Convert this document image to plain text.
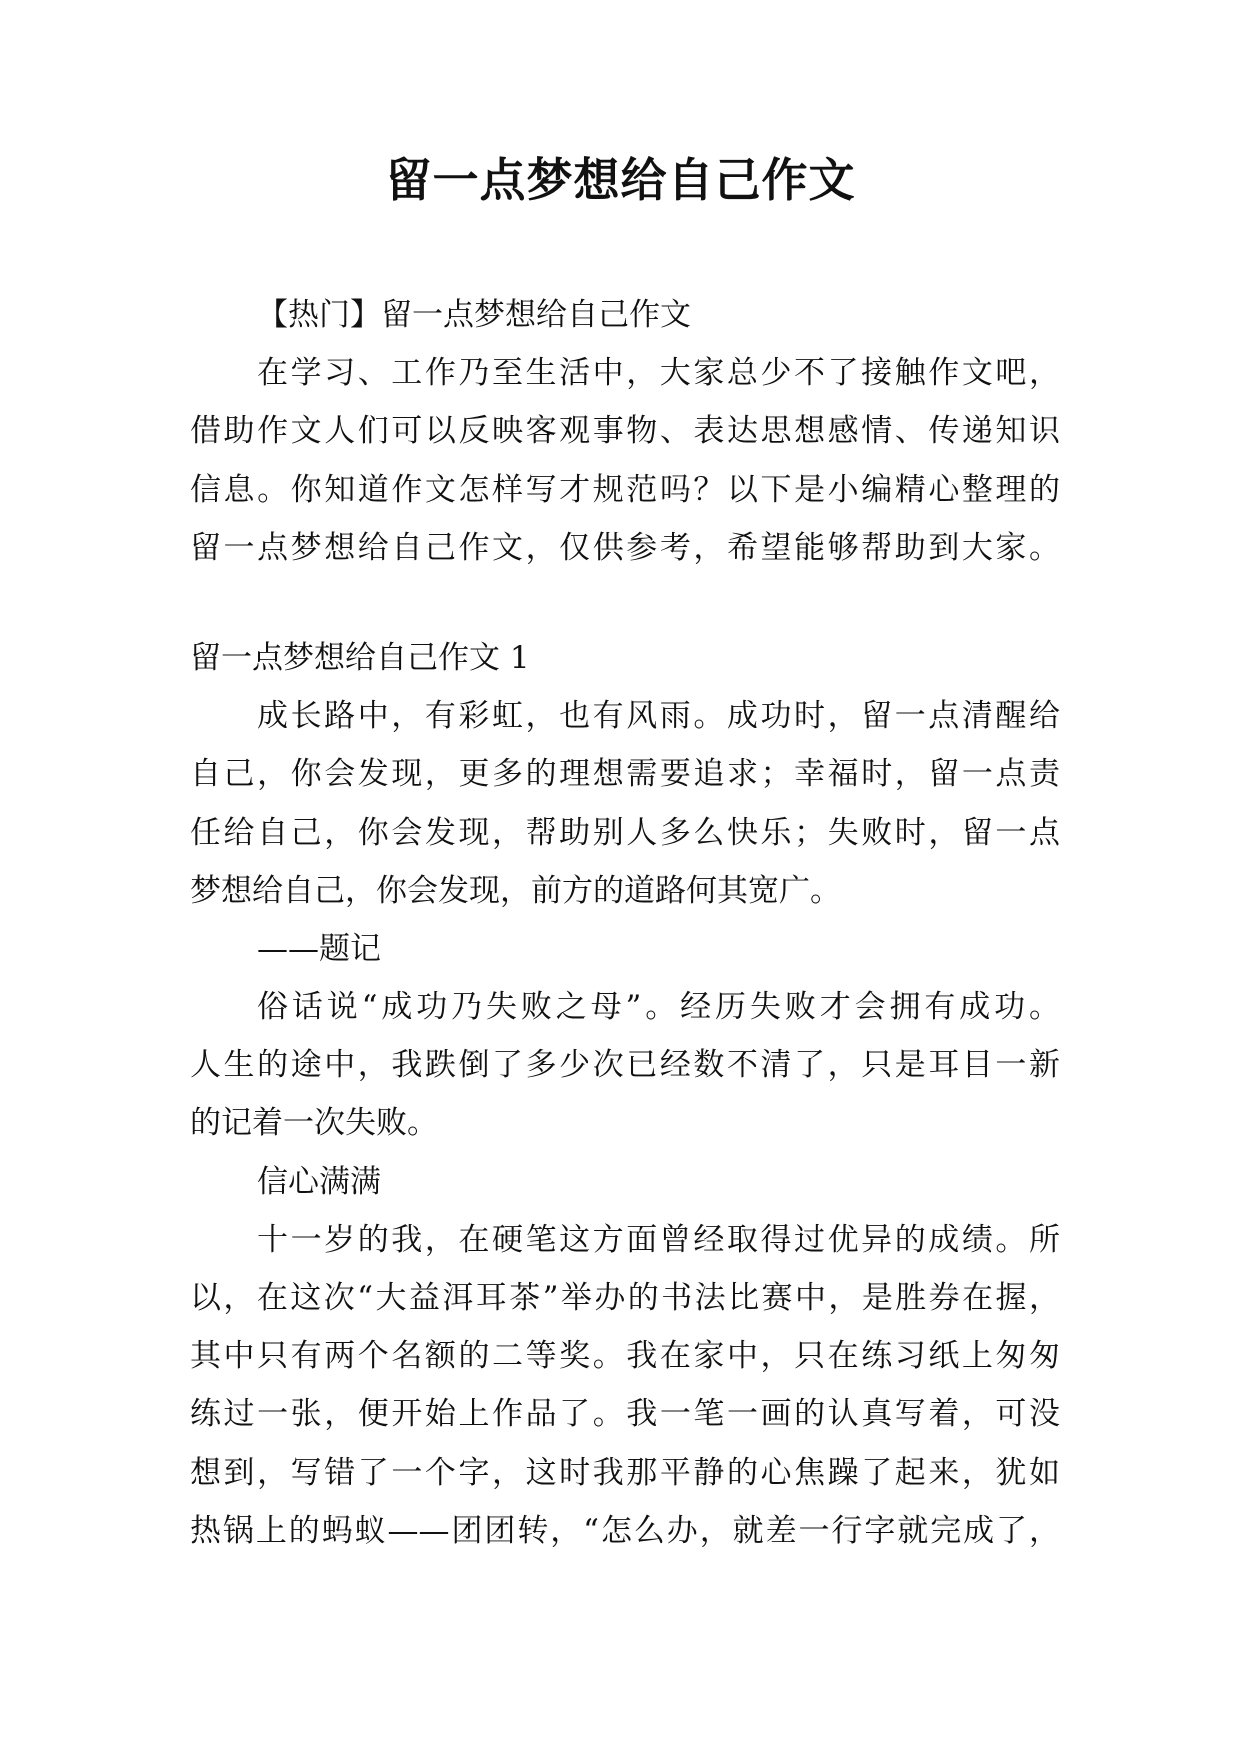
留一点梦想给自己作文

【热门】留一点梦想给自己作文

在学习、工作乃至生活中，大家总少不了接触作文吧，

借助作文人们可以反映客观事物、表达思想感情、传递知识

信息。你知道作文怎样写才规范吗？以下是小编精心整理的

留一点梦想给自己作文，仅供参考，希望能够帮助到大家。

留一点梦想给自己作文 1

成长路中，有彩虹，也有风雨。成功时，留一点清醒给

自己，你会发现，更多的理想需要追求；幸福时，留一点责

任给自己，你会发现，帮助别人多么快乐；失败时，留一点

梦想给自己，你会发现，前方的道路何其宽广。

——题记

俗话说“成功乃失败之母”。经历失败才会拥有成功。

人生的途中，我跌倒了多少次已经数不清了，只是耳目一新

的记着一次失败。

信心满满

十一岁的我，在硬笔这方面曾经取得过优异的成绩。所

以，在这次“大益洱耳茶”举办的书法比赛中，是胜券在握，

其中只有两个名额的二等奖。我在家中，只在练习纸上匆匆

练过一张，便开始上作品了。我一笔一画的认真写着，可没

想到，写错了一个字，这时我那平静的心焦躁了起来，犹如

热锅上的蚂蚁——团团转，“怎么办，就差一行字就完成了，
